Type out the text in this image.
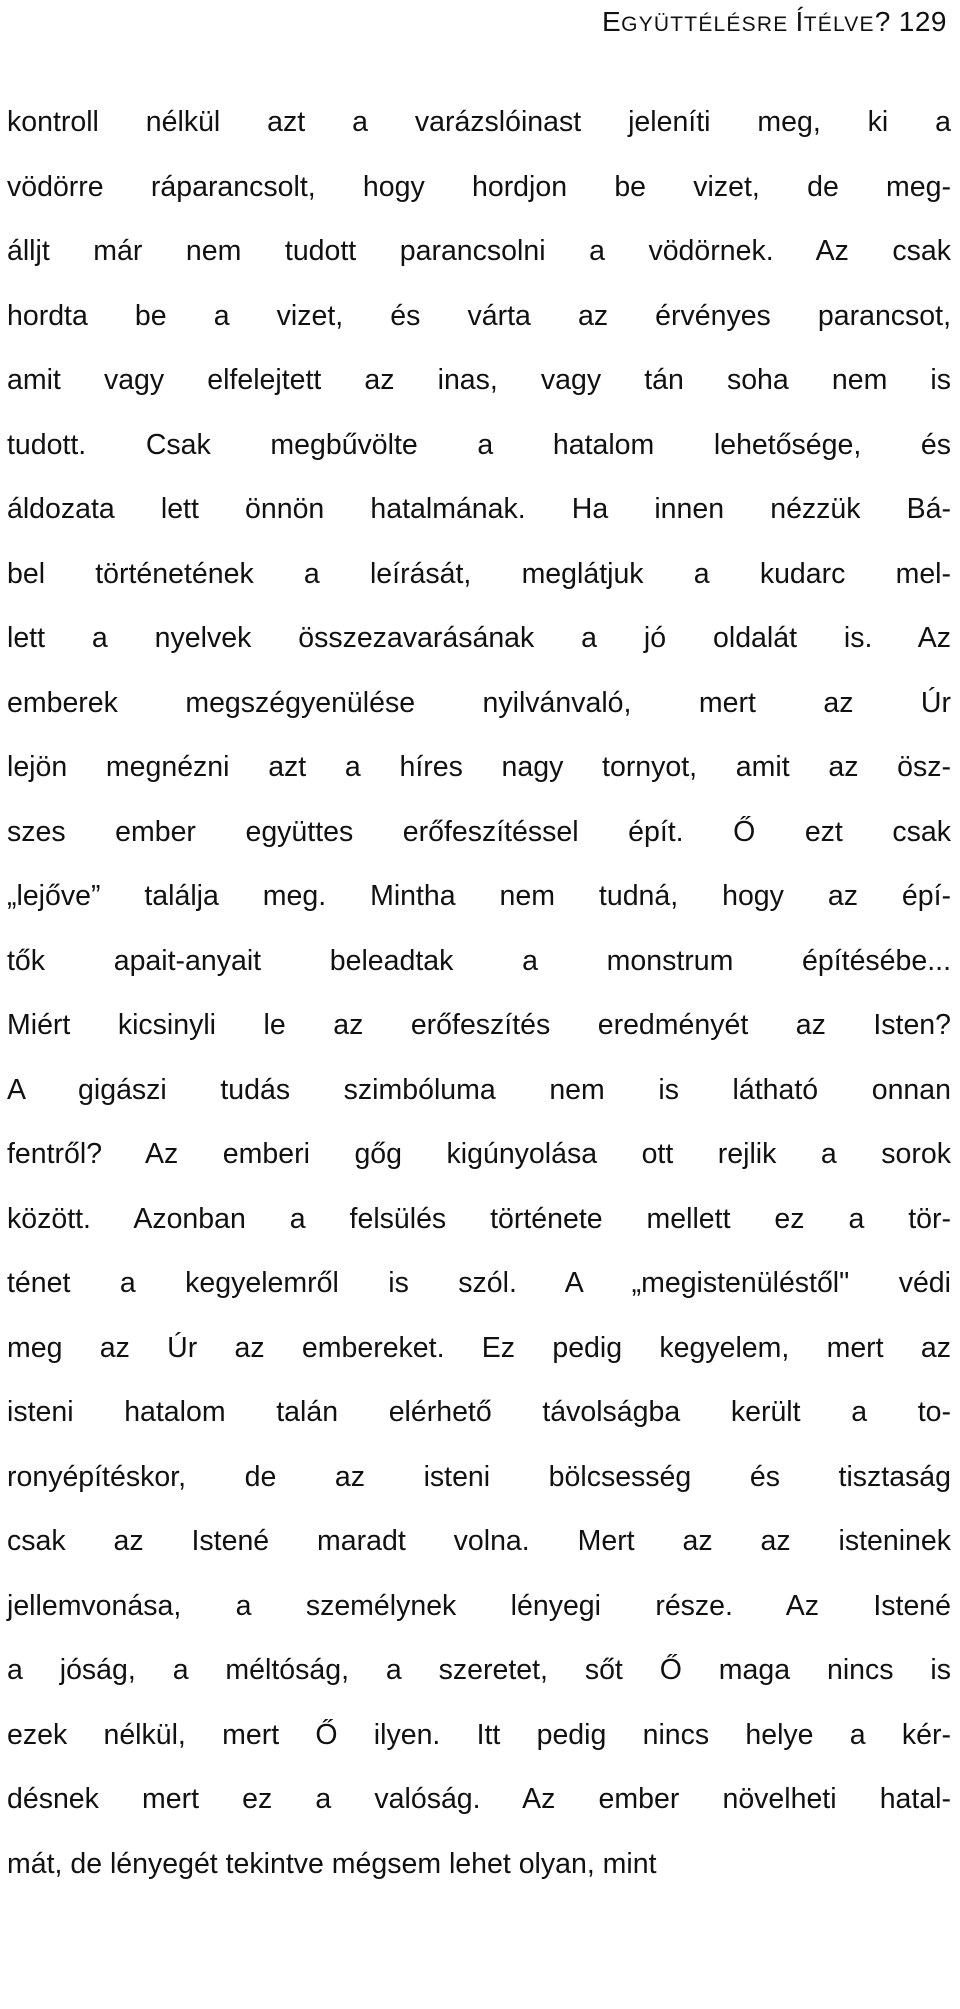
EGYÜTTÉLÉSRE ÍTÉLVE? 129
kontroll nélkül azt a varázslóinast jeleníti meg, ki a
vödörre ráparancsolt, hogy hordjon be vizet, de meg-
álljt már nem tudott parancsolni a vödörnek. Az csak
hordta be a vizet, és várta az érvényes parancsot,
amit vagy elfelejtett az inas, vagy tán soha nem is
tudott. Csak megbűvölte a hatalom lehetősége, és
áldozata lett önnön hatalmának. Ha innen nézzük Bá-
bel történetének a leírását, meglátjuk a kudarc mel-
lett a nyelvek összezavarásának a jó oldalát is. Az
emberek megszégyenülése nyilvánvaló, mert az Úr
lejön megnézni azt a híres nagy tornyot, amit az ösz-
szes ember együttes erőfeszítéssel épít. Ő ezt csak
„lejőve” találja meg. Mintha nem tudná, hogy az épí-
tők apait-anyait beleadtak a monstrum építésébe...
Miért kicsinyli le az erőfeszítés eredményét az Isten?
A gigászi tudás szimbóluma nem is látható onnan
fentről? Az emberi gőg kigúnyolása ott rejlik a sorok
között. Azonban a felsülés története mellett ez a tör-
ténet a kegyelemről is szól. A „megistenüléstől" védi
meg az Úr az embereket. Ez pedig kegyelem, mert az
isteni hatalom talán elérhető távolságba került a to-
ronyépítéskor, de az isteni bölcsesség és tisztaság
csak az Istené maradt volna. Mert az az isteninek
jellemvonása, a személynek lényegi része. Az Istené
a jóság, a méltóság, a szeretet, sőt Ő maga nincs is
ezek nélkül, mert Ő ilyen. Itt pedig nincs helye a kér-
désnek mert ez a valóság. Az ember növelheti hatal-
mát, de lényegét tekintve mégsem lehet olyan, mint
